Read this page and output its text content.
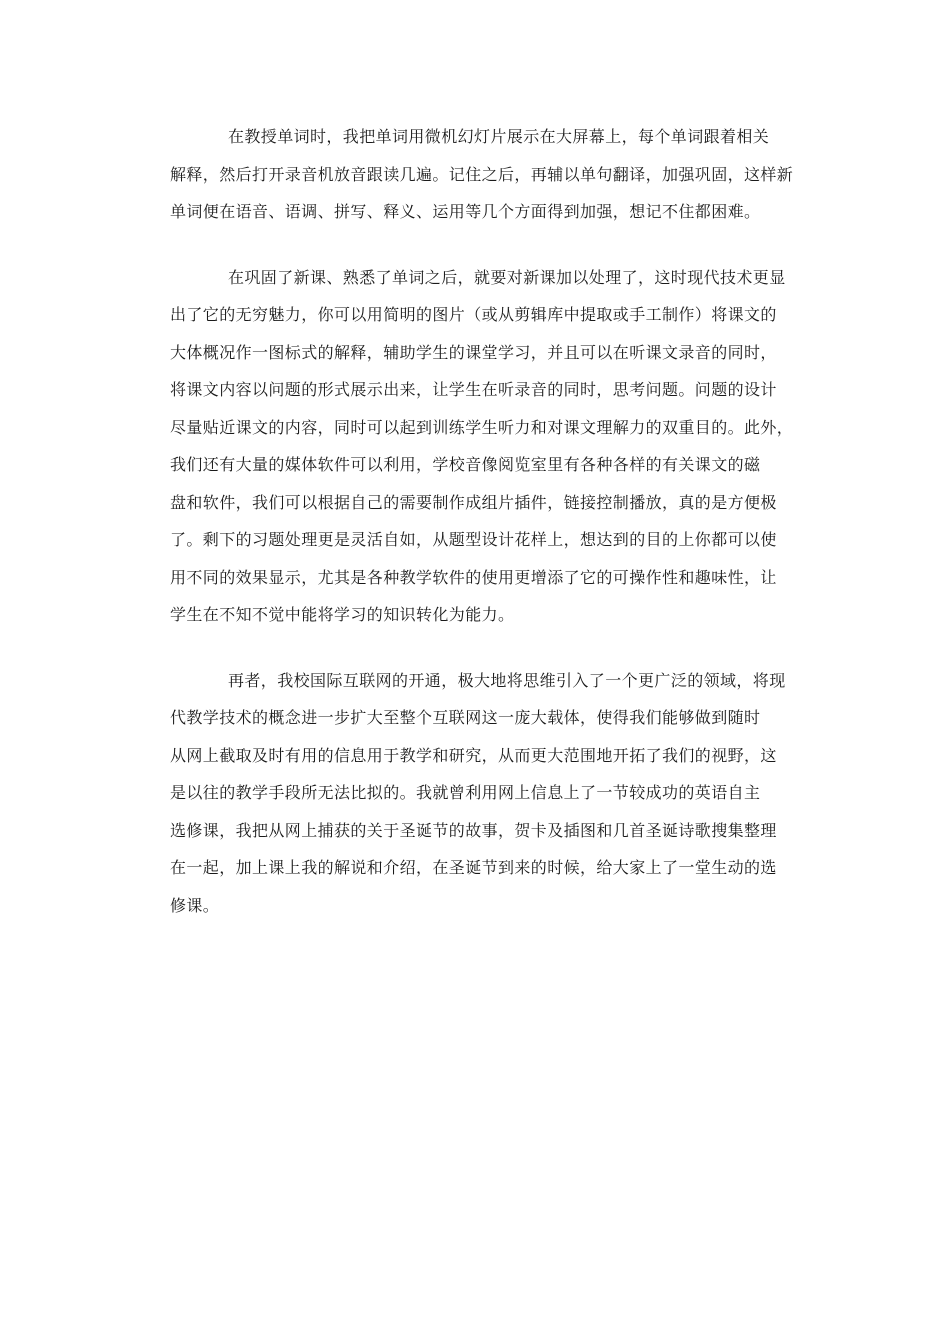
在教授单词时，我把单词用微机幻灯片展示在大屏幕上，每个单词跟着相关
解释，然后打开录音机放音跟读几遍。记住之后，再辅以单句翻译，加强巩固，这样新
单词便在语音、语调、拼写、释义、运用等几个方面得到加强，想记不住都困难。
在巩固了新课、熟悉了单词之后，就要对新课加以处理了，这时现代技术更显
出了它的无穷魅力，你可以用简明的图片（或从剪辑库中提取或手工制作）将课文的
大体概况作一图标式的解释，辅助学生的课堂学习，并且可以在听课文录音的同时，
将课文内容以问题的形式展示出来，让学生在听录音的同时，思考问题。问题的设计
尽量贴近课文的内容，同时可以起到训练学生听力和对课文理解力的双重目的。此外，
我们还有大量的媒体软件可以利用，学校音像阅览室里有各种各样的有关课文的磁
盘和软件，我们可以根据自己的需要制作成组片插件，链接控制播放，真的是方便极
了。剩下的习题处理更是灵活自如，从题型设计花样上，想达到的目的上你都可以使
用不同的效果显示，尤其是各种教学软件的使用更增添了它的可操作性和趣味性，让
学生在不知不觉中能将学习的知识转化为能力。
再者，我校国际互联网的开通，极大地将思维引入了一个更广泛的领域，将现
代教学技术的概念进一步扩大至整个互联网这一庞大载体，使得我们能够做到随时
从网上截取及时有用的信息用于教学和研究，从而更大范围地开拓了我们的视野，这
是以往的教学手段所无法比拟的。我就曾利用网上信息上了一节较成功的英语自主
选修课，我把从网上捕获的关于圣诞节的故事，贺卡及插图和几首圣诞诗歌搜集整理
在一起，加上课上我的解说和介绍，在圣诞节到来的时候，给大家上了一堂生动的选
修课。
